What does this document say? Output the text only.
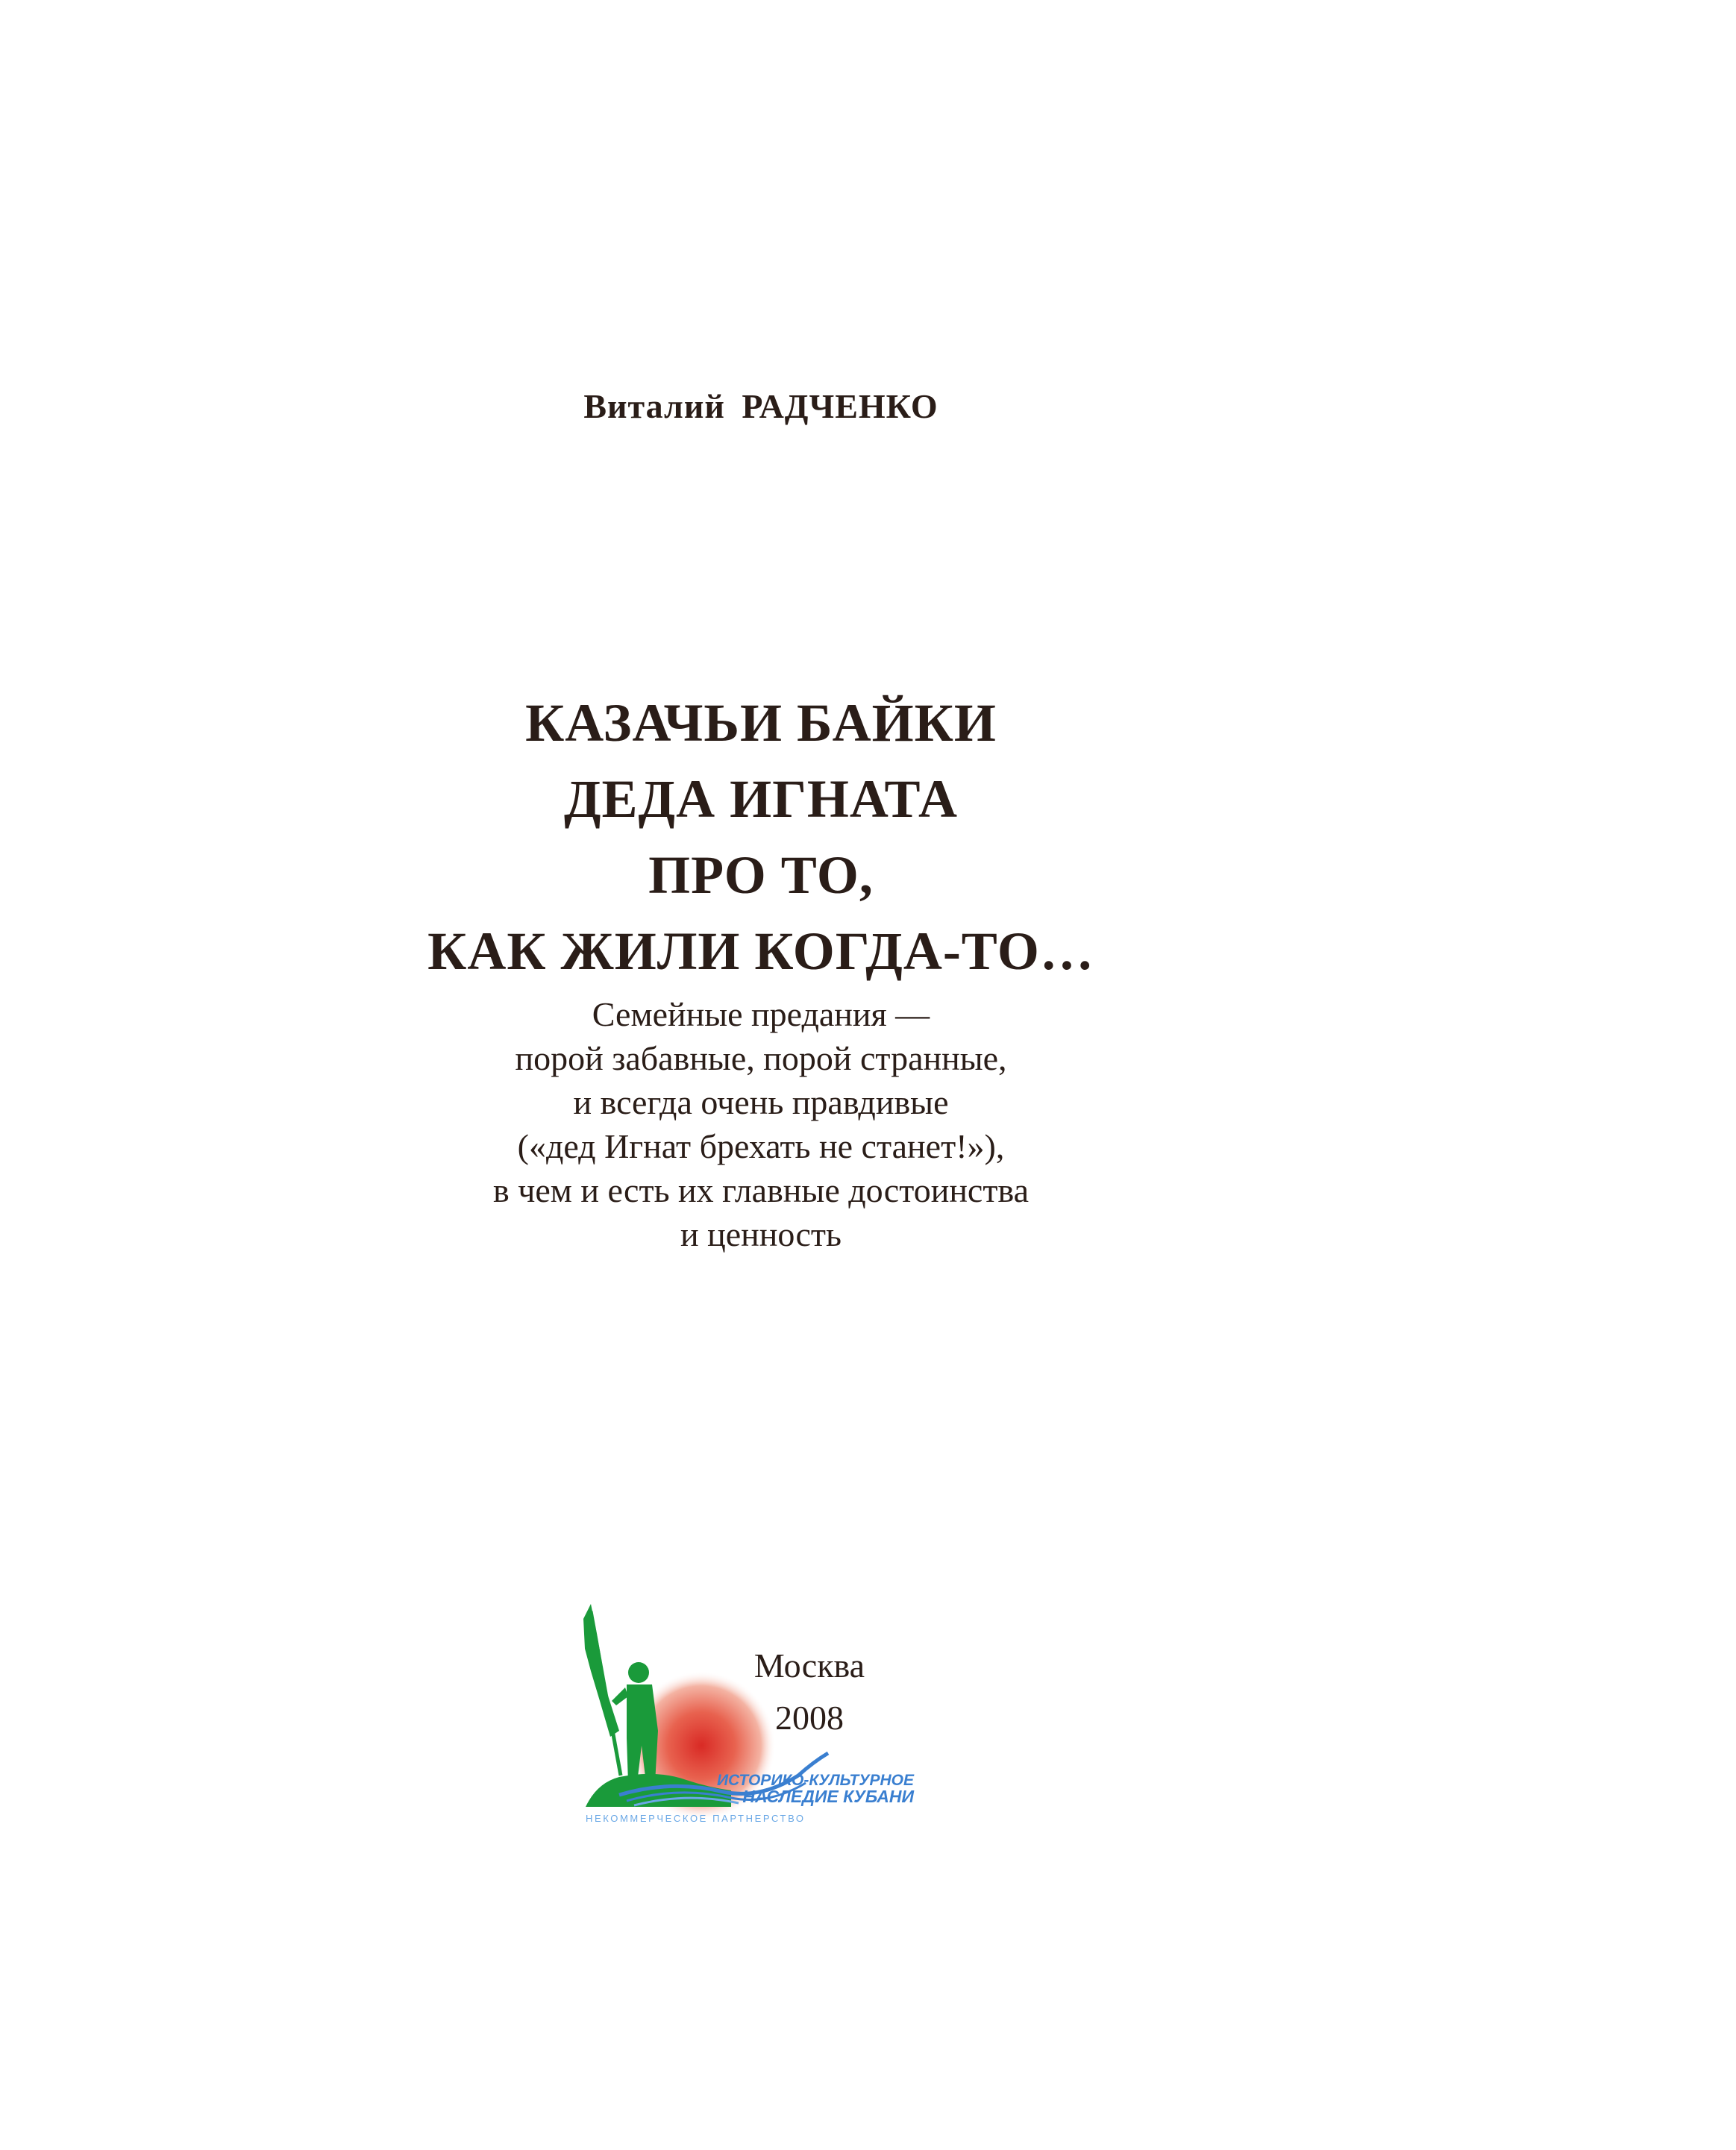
Виталий РАДЧЕНКО
КАЗАЧЬИ БАЙКИ
ДЕДА ИГНАТА
ПРО ТО,
КАК ЖИЛИ КОГДА-ТО…
Семейные предания —
порой забавные, порой странные,
и всегда очень правдивые
(«дед Игнат брехать не станет!»),
в чем и есть их главные достоинства
и ценность
ИСТОРИКО-КУЛЬТУРНОЕ
НАСЛЕДИЕ КУБАНИ
НЕКОММЕРЧЕСКОЕ ПАРТНЕРСТВО
Москва
2008
